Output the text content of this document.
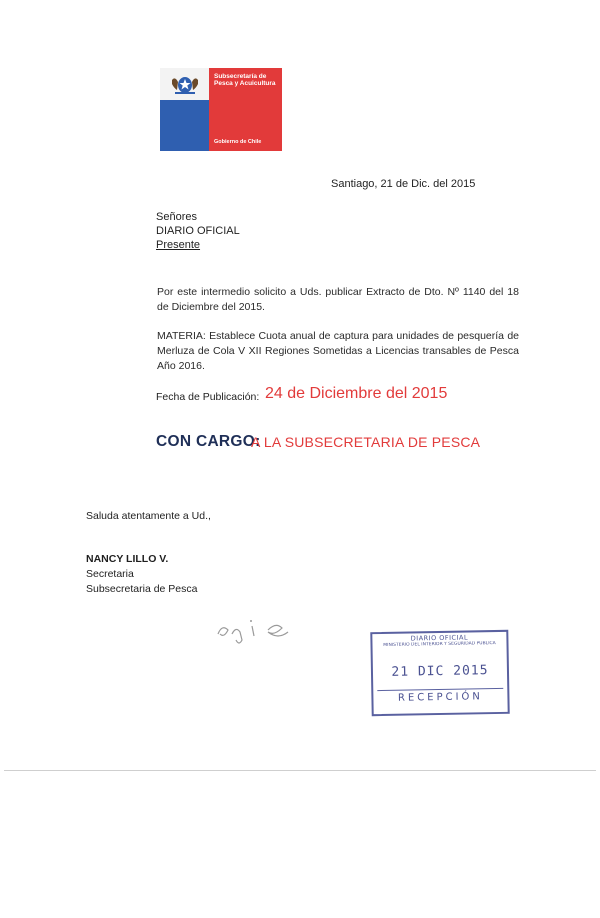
Subsecretaría de Pesca y Acuicultura
Gobierno de Chile
Santiago, 21 de Dic. del 2015
Señores
DIARIO OFICIAL
Presente
Por este intermedio solicito a Uds. publicar Extracto de Dto. Nº 1140 del 18 de Diciembre del 2015.
MATERIA: Establece Cuota anual de captura para unidades de pesquería de Merluza de Cola V XII Regiones Sometidas a Licencias transables de Pesca Año 2016.
Fecha de Publicación: 24 de Diciembre del 2015
CON CARGO:
A LA SUBSECRETARIA DE PESCA
Saluda atentamente a Ud.,
NANCY LILLO V.
Secretaria
Subsecretaria de Pesca
DIARIO OFICIAL
MINISTERIO DEL INTERIOR Y SEGURIDAD PÚBLICA
21 DIC 2015
RECEPCIÓN
